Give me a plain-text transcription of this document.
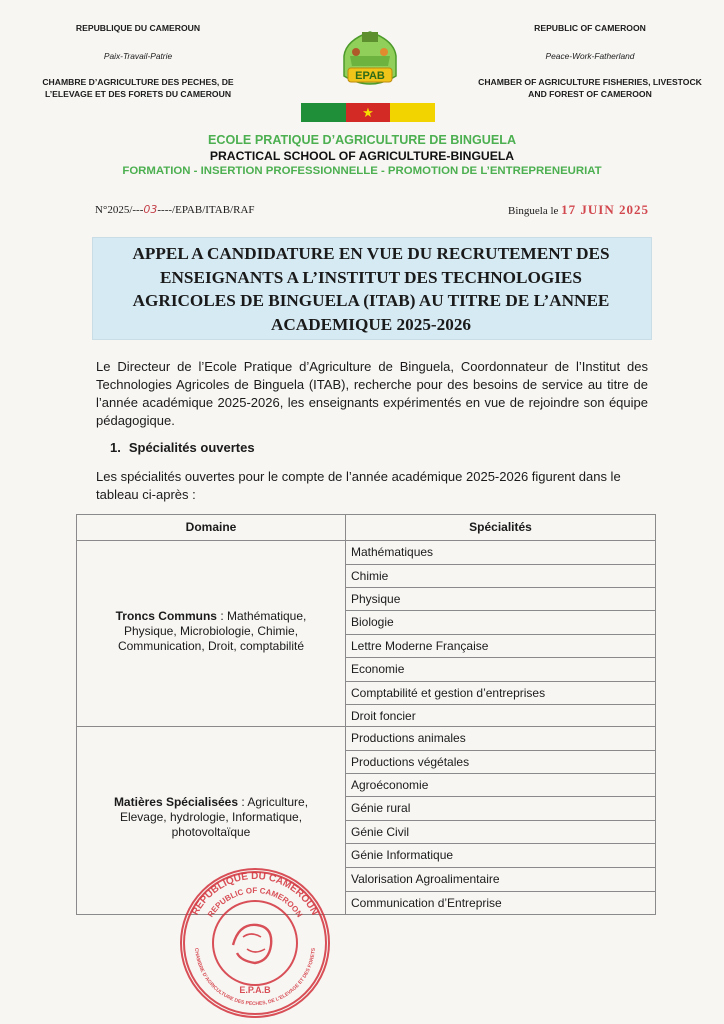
REPUBLIQUE DU CAMEROUN
Paix-Travail-Patrie
CHAMBRE D’AGRICULTURE DES PECHES, DE
L’ELEVAGE ET DES FORETS DU CAMEROUN
REPUBLIC OF CAMEROON
Peace-Work-Fatherland
CHAMBER OF AGRICULTURE FISHERIES, LIVESTOCK
AND FOREST OF CAMEROON
EPAB
★
ECOLE PRATIQUE D’AGRICULTURE DE BINGUELA
PRACTICAL SCHOOL OF AGRICULTURE-BINGUELA
FORMATION - INSERTION PROFESSIONNELLE - PROMOTION DE L’ENTREPRENEURIAT
N°2025/---03----/EPAB/ITAB/RAF	Binguela le 17 JUIN 2025
APPEL A CANDIDATURE EN VUE DU RECRUTEMENT DES
ENSEIGNANTS A L’INSTITUT DES TECHNOLOGIES
AGRICOLES DE BINGUELA (ITAB) AU TITRE DE L’ANNEE
ACADEMIQUE 2025-2026
Le Directeur de l’Ecole Pratique d’Agriculture de Binguela, Coordonnateur de l’Institut des Technologies Agricoles de Binguela (ITAB), recherche pour des besoins de service au titre de l’année académique 2025-2026, les enseignants expérimentés en vue de rejoindre son équipe pédagogique.
1. Spécialités ouvertes
Les spécialités ouvertes pour le compte de l’année académique 2025-2026 figurent dans le tableau ci-après :
Domaine	Spécialités
Troncs Communs : Mathématique,
Physique, Microbiologie, Chimie,
Communication, Droit, comptabilité
Mathématiques
Chimie
Physique
Biologie
Lettre Moderne Française
Economie
Comptabilité et gestion d’entreprises
Droit foncier
Matières Spécialisées : Agriculture,
Elevage, hydrologie, Informatique,
photovoltaïque
Productions animales
Productions végétales
Agroéconomie
Génie rural
Génie Civil
Génie Informatique
Valorisation Agroalimentaire
Communication d’Entreprise
REPUBLIQUE DU CAMEROUN
REPUBLIC OF CAMEROON
CHAMBRE D’AGRICULTURE DES PECHES, DE L’ELEVAGE ET DES FORETS
E.P.A.B
